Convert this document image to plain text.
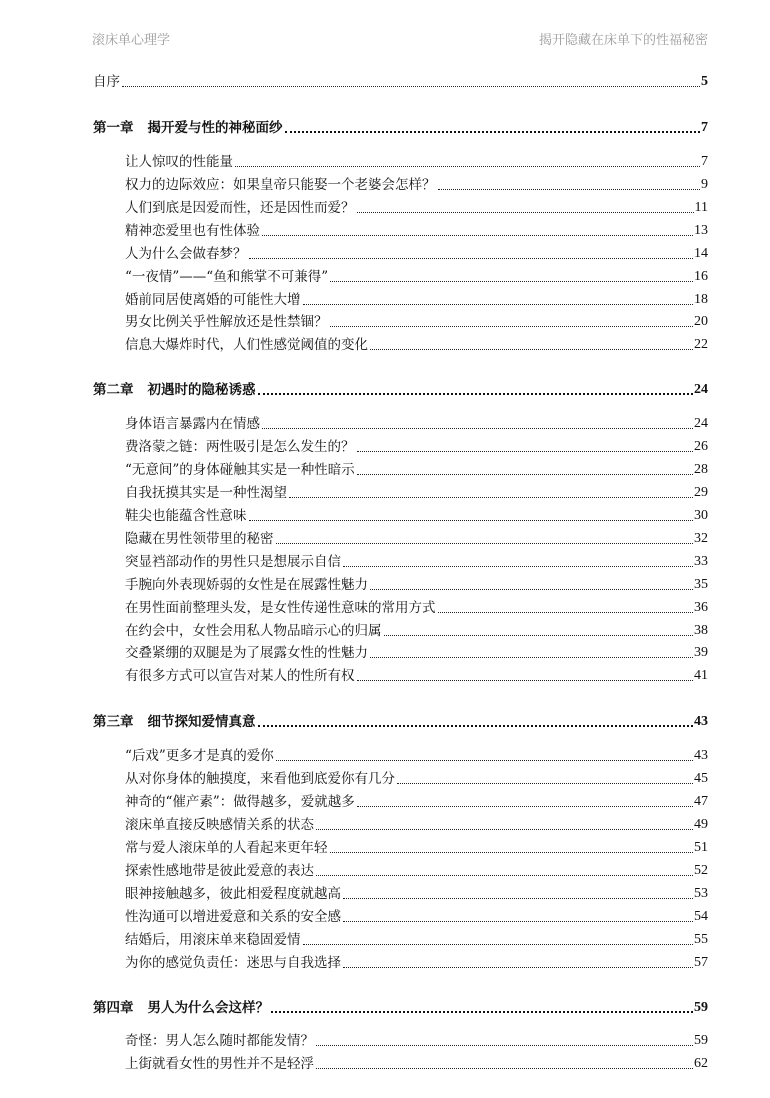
滚床单心理学	揭开隐藏在床单下的性福秘密
自序	5
第一章 揭开爱与性的神秘面纱	7
让人惊叹的性能量	7
权力的边际效应：如果皇帝只能娶一个老婆会怎样？	9
人们到底是因爱而性，还是因性而爱？	11
精神恋爱里也有性体验	13
人为什么会做春梦？	14
“一夜情”——“鱼和熊掌不可兼得”	16
婚前同居使离婚的可能性大增	18
男女比例关乎性解放还是性禁锢？	20
信息大爆炸时代，人们性感觉阈值的变化	22
第二章 初遇时的隐秘诱惑	24
身体语言暴露内在情感	24
费洛蒙之链：两性吸引是怎么发生的？	26
“无意间”的身体碰触其实是一种性暗示	28
自我抚摸其实是一种性渴望	29
鞋尖也能蕴含性意味	30
隐藏在男性领带里的秘密	32
突显裆部动作的男性只是想展示自信	33
手腕向外表现娇弱的女性是在展露性魅力	35
在男性面前整理头发，是女性传递性意味的常用方式	36
在约会中，女性会用私人物品暗示心的归属	38
交叠紧绷的双腿是为了展露女性的性魅力	39
有很多方式可以宣告对某人的性所有权	41
第三章 细节探知爱情真意	43
“后戏”更多才是真的爱你	43
从对你身体的触摸度，来看他到底爱你有几分	45
神奇的“催产素”：做得越多，爱就越多	47
滚床单直接反映感情关系的状态	49
常与爱人滚床单的人看起来更年轻	51
探索性感地带是彼此爱意的表达	52
眼神接触越多，彼此相爱程度就越高	53
性沟通可以增进爱意和关系的安全感	54
结婚后，用滚床单来稳固爱情	55
为你的感觉负责任：迷思与自我选择	57
第四章 男人为什么会这样？	59
奇怪：男人怎么随时都能发情？	59
上街就看女性的男性并不是轻浮	62
